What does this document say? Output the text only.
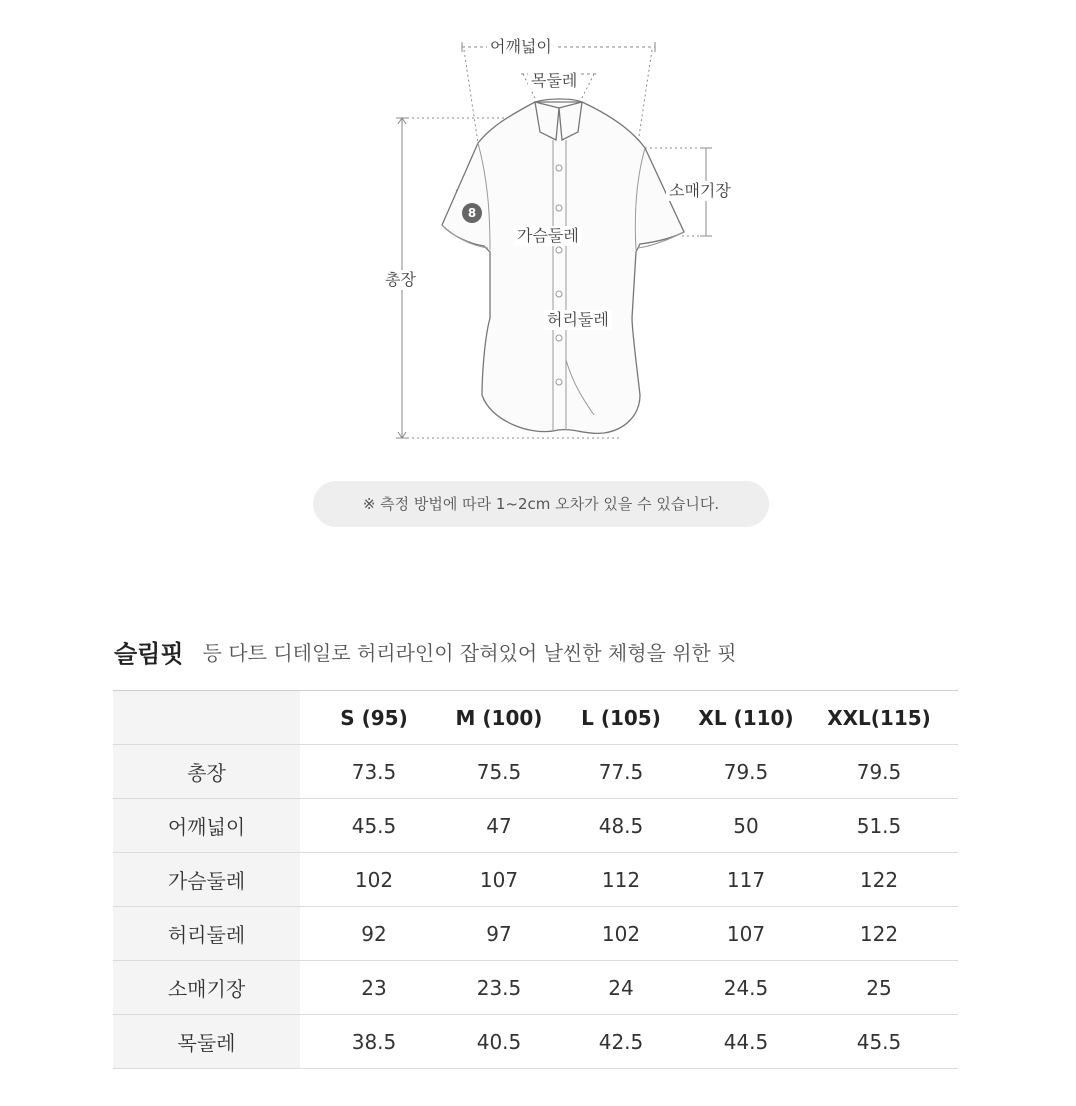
어깨넓이
목둘레
소매기장
가슴둘레
총장
허리둘레
8
※ 측정 방법에 따라 1~2cm 오차가 있을 수 있습니다.
슬림핏 등 다트 디테일로 허리라인이 잡혀있어 날씬한 체형을 위한 핏
	S (95)	M (100)	L (105)	XL (110)	XXL(115)
총장	73.5	75.5	77.5	79.5	79.5
어깨넓이	45.5	47	48.5	50	51.5
가슴둘레	102	107	112	117	122
허리둘레	92	97	102	107	122
소매기장	23	23.5	24	24.5	25
목둘레	38.5	40.5	42.5	44.5	45.5
